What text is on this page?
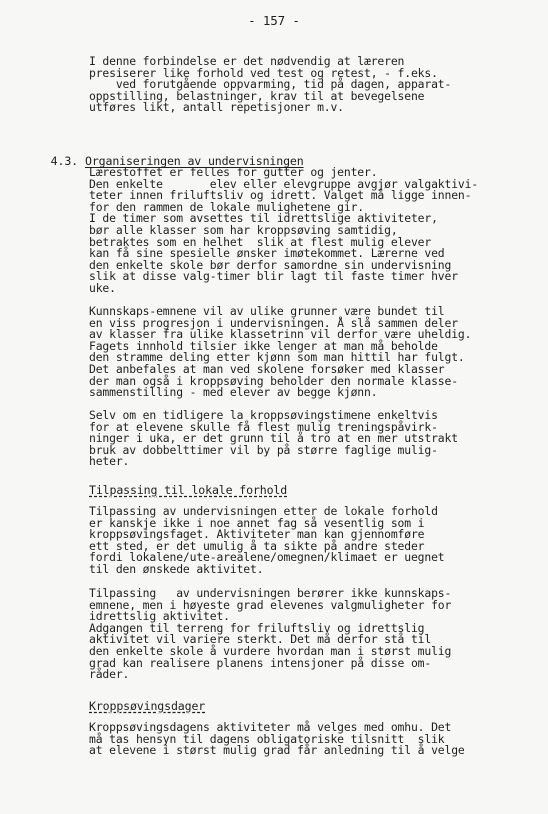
- 157 -
I denne forbindelse er det nødvendig at læreren
presiserer like forhold ved test og retest, - f.eks.
ved forutgående oppvarming, tid på dagen, apparat-
oppstilling, belastninger, krav til at bevegelsene
utføres likt, antall repetisjoner m.v.

4.3. Organiseringen av undervisningen

Lærestoffet er felles for gutter og jenter.
Den enkelte       elev eller elevgruppe avgjør valgaktivi-
teter innen friluftsliv og idrett. Valget må ligge innen-
for den rammen de lokale mulighetene gir.
I de timer som avsettes til idrettslige aktiviteter,
bør alle klasser som har kroppsøving samtidig,
betraktes som en helhet  slik at flest mulig elever
kan få sine spesielle ønsker imøtekommet. Lærerne ved
den enkelte skole bør derfor samordne sin undervisning
slik at disse valg-timer blir lagt til faste timer hver
uke.
Kunnskaps-emnene vil av ulike grunner være bundet til
en viss progresjon i undervisningen. Å slå sammen deler
av klasser fra ulike klassetrinn vil derfor være uheldig.
Fagets innhold tilsier ikke lenger at man må beholde
den stramme deling etter kjønn som man hittil har fulgt.
Det anbefales at man ved skolene forsøker med klasser
der man også i kroppsøving beholder den normale klasse-
sammenstilling - med elever av begge kjønn.
Selv om en tidligere la kroppsøvingstimene enkeltvis
for at elevene skulle få flest mulig treningspåvirk-
ninger i uka, er det grunn til å tro at en mer utstrakt
bruk av dobbelttimer vil by på større faglige mulig-
heter.
Tilpassing til lokale forhold
Tilpassing av undervisningen etter de lokale forhold
er kanskje ikke i noe annet fag så vesentlig som i
kroppsøvingsfaget. Aktiviteter man kan gjennomføre
ett sted, er det umulig å ta sikte på andre steder
fordi lokalene/ute-arealene/omegnen/klimaet er uegnet
til den ønskede aktivitet.
Tilpassing   av undervisningen berører ikke kunnskaps-
emnene, men i høyeste grad elevenes valgmuligheter for
idrettslig aktivitet.
Adgangen til terreng for friluftsliv og idrettslig
aktivitet vil variere sterkt. Det må derfor stå til
den enkelte skole å vurdere hvordan man i størst mulig
grad kan realisere planens intensjoner på disse om-
råder.
Kroppsøvingsdager
Kroppsøvingsdagens aktiviteter må velges med omhu. Det
må tas hensyn til dagens obligatoriske tilsnitt  slik
at elevene i størst mulig grad får anledning til å velge
